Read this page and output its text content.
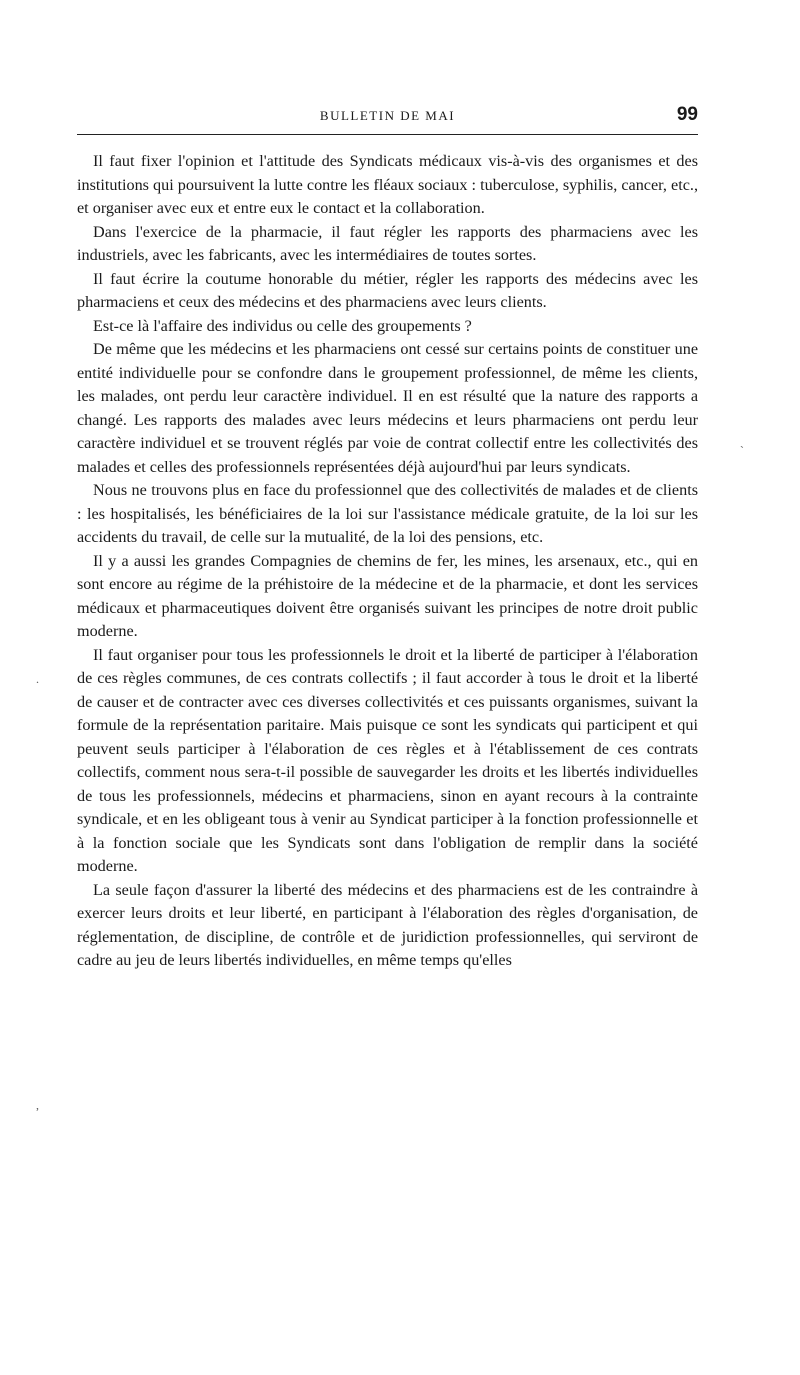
BULLETIN DE MAI	99

Il faut fixer l'opinion et l'attitude des Syndicats médicaux vis-à-vis des organismes et des institutions qui poursuivent la lutte contre les fléaux sociaux : tuberculose, syphilis, cancer, etc., et organiser avec eux et entre eux le contact et la collaboration.

Dans l'exercice de la pharmacie, il faut régler les rapports des pharmaciens avec les industriels, avec les fabricants, avec les intermédiaires de toutes sortes.

Il faut écrire la coutume honorable du métier, régler les rapports des médecins avec les pharmaciens et ceux des médecins et des pharmaciens avec leurs clients.

Est-ce là l'affaire des individus ou celle des groupements ?

De même que les médecins et les pharmaciens ont cessé sur certains points de constituer une entité individuelle pour se confondre dans le groupement professionnel, de même les clients, les malades, ont perdu leur caractère individuel. Il en est résulté que la nature des rapports a changé. Les rapports des malades avec leurs médecins et leurs pharmaciens ont perdu leur caractère individuel et se trouvent réglés par voie de contrat collectif entre les collectivités des malades et celles des professionnels représentées déjà aujourd'hui par leurs syndicats.

Nous ne trouvons plus en face du professionnel que des collectivités de malades et de clients : les hospitalisés, les bénéficiaires de la loi sur l'assistance médicale gratuite, de la loi sur les accidents du travail, de celle sur la mutualité, de la loi des pensions, etc.

Il y a aussi les grandes Compagnies de chemins de fer, les mines, les arsenaux, etc., qui en sont encore au régime de la préhistoire de la médecine et de la pharmacie, et dont les services médicaux et pharmaceutiques doivent être organisés suivant les principes de notre droit public moderne.

Il faut organiser pour tous les professionnels le droit et la liberté de participer à l'élaboration de ces règles communes, de ces contrats collectifs ; il faut accorder à tous le droit et la liberté de causer et de contracter avec ces diverses collectivités et ces puissants organismes, suivant la formule de la représentation paritaire. Mais puisque ce sont les syndicats qui participent et qui peuvent seuls participer à l'élaboration de ces règles et à l'établissement de ces contrats collectifs, comment nous sera-t-il possible de sauvegarder les droits et les libertés individuelles de tous les professionnels, médecins et pharmaciens, sinon en ayant recours à la contrainte syndicale, et en les obligeant tous à venir au Syndicat participer à la fonction professionnelle et à la fonction sociale que les Syndicats sont dans l'obligation de remplir dans la société moderne.

La seule façon d'assurer la liberté des médecins et des pharmaciens est de les contraindre à exercer leurs droits et leur liberté, en participant à l'élaboration des règles d'organisation, de réglementation, de discipline, de contrôle et de juridiction professionnelles, qui serviront de cadre au jeu de leurs libertés individuelles, en même temps qu'elles

˴
.
,
